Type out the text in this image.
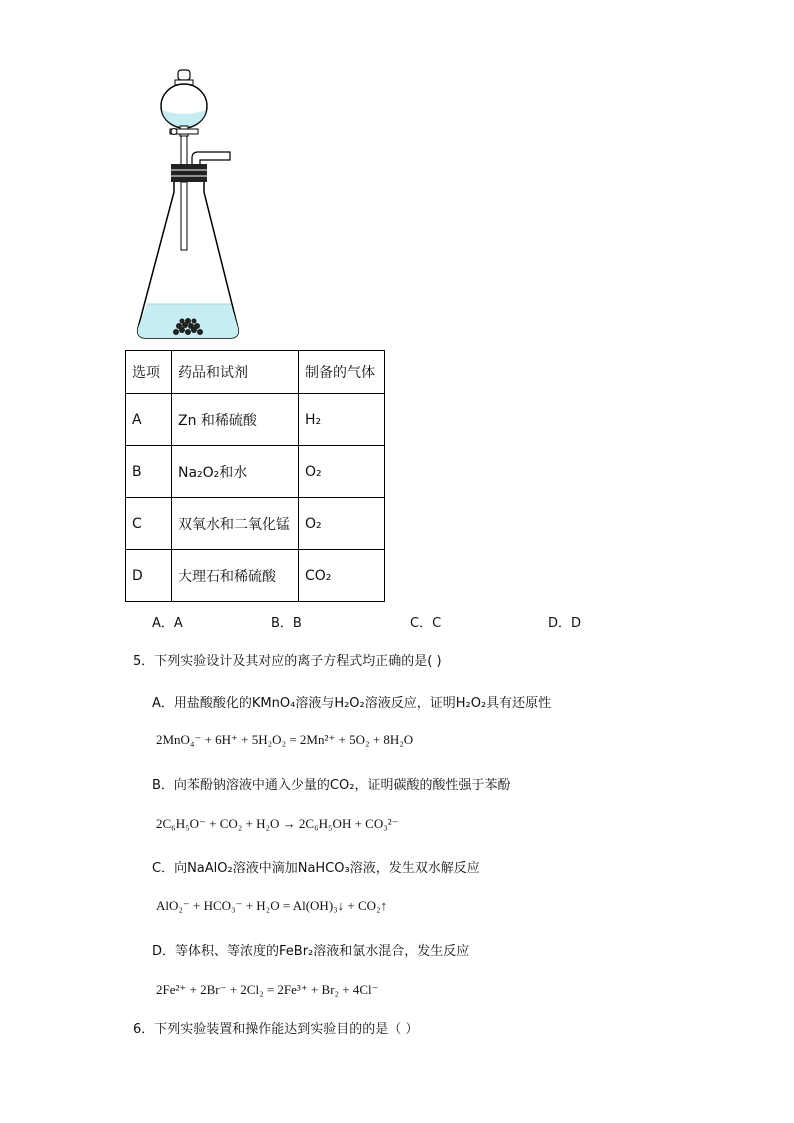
选项	药品和试剂	制备的气体
A	Zn 和稀硫酸	H₂
B	Na₂O₂和水	O₂
C	双氧水和二氧化锰	O₂
D	大理石和稀硫酸	CO₂
A．A	B．B	C．C	D．D
5．下列实验设计及其对应的离子方程式均正确的是( )
A．用盐酸酸化的KMnO₄溶液与H₂O₂溶液反应，证明H₂O₂具有还原性
2MnO₄⁻ + 6H⁺ + 5H₂O₂ = 2Mn²⁺ + 5O₂ + 8H₂O
B．向苯酚钠溶液中通入少量的CO₂，证明碳酸的酸性强于苯酚
2C₆H₅O⁻ + CO₂ + H₂O → 2C₆H₅OH + CO₃²⁻
C．向NaAlO₂溶液中滴加NaHCO₃溶液，发生双水解反应
AlO₂⁻ + HCO₃⁻ + H₂O = Al(OH)₃↓ + CO₂↑
D．等体积、等浓度的FeBr₂溶液和氯水混合，发生反应
2Fe²⁺ + 2Br⁻ + 2Cl₂ = 2Fe³⁺ + Br₂ + 4Cl⁻
6．下列实验装置和操作能达到实验目的的是（ ）
